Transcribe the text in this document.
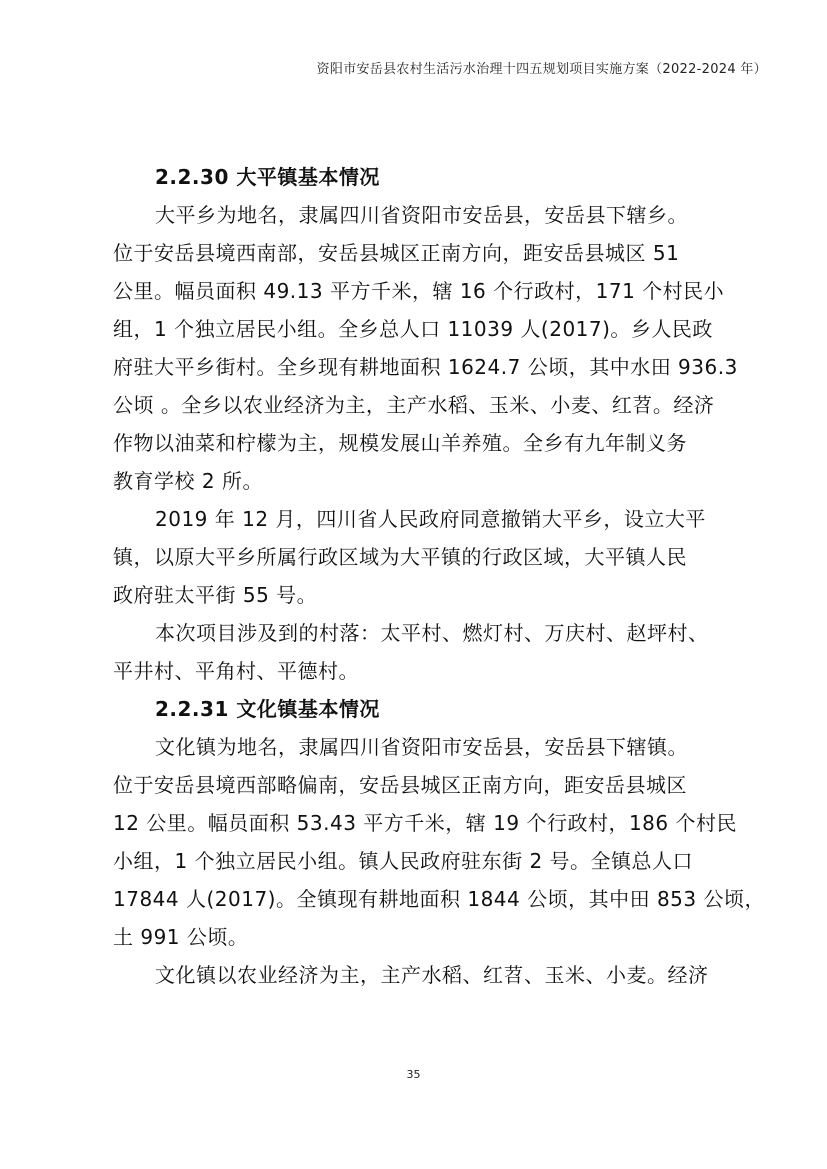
资阳市安岳县农村生活污水治理十四五规划项目实施方案（2022-2024 年）
2.2.30 大平镇基本情况
大平乡为地名，隶属四川省资阳市安岳县，安岳县下辖乡。
位于安岳县境西南部，安岳县城区正南方向，距安岳县城区 51
公里。幅员面积 49.13 平方千米，辖 16 个行政村，171 个村民小
组，1 个独立居民小组。全乡总人口 11039 人(2017)。乡人民政
府驻大平乡街村。全乡现有耕地面积 1624.7 公顷，其中水田 936.3
公顷 。全乡以农业经济为主，主产水稻、玉米、小麦、红苕。经济
作物以油菜和柠檬为主，规模发展山羊养殖。全乡有九年制义务
教育学校 2 所。
2019 年 12 月，四川省人民政府同意撤销大平乡，设立大平
镇，以原大平乡所属行政区域为大平镇的行政区域，大平镇人民
政府驻太平街 55 号。
本次项目涉及到的村落：太平村、燃灯村、万庆村、赵坪村、
平井村、平角村、平德村。
2.2.31 文化镇基本情况
文化镇为地名，隶属四川省资阳市安岳县，安岳县下辖镇。
位于安岳县境西部略偏南，安岳县城区正南方向，距安岳县城区
12 公里。幅员面积 53.43 平方千米，辖 19 个行政村，186 个村民
小组，1 个独立居民小组。镇人民政府驻东街 2 号。全镇总人口
17844 人(2017)。全镇现有耕地面积 1844 公顷，其中田 853 公顷，
土 991 公顷。
文化镇以农业经济为主，主产水稻、红苕、玉米、小麦。经济
35
